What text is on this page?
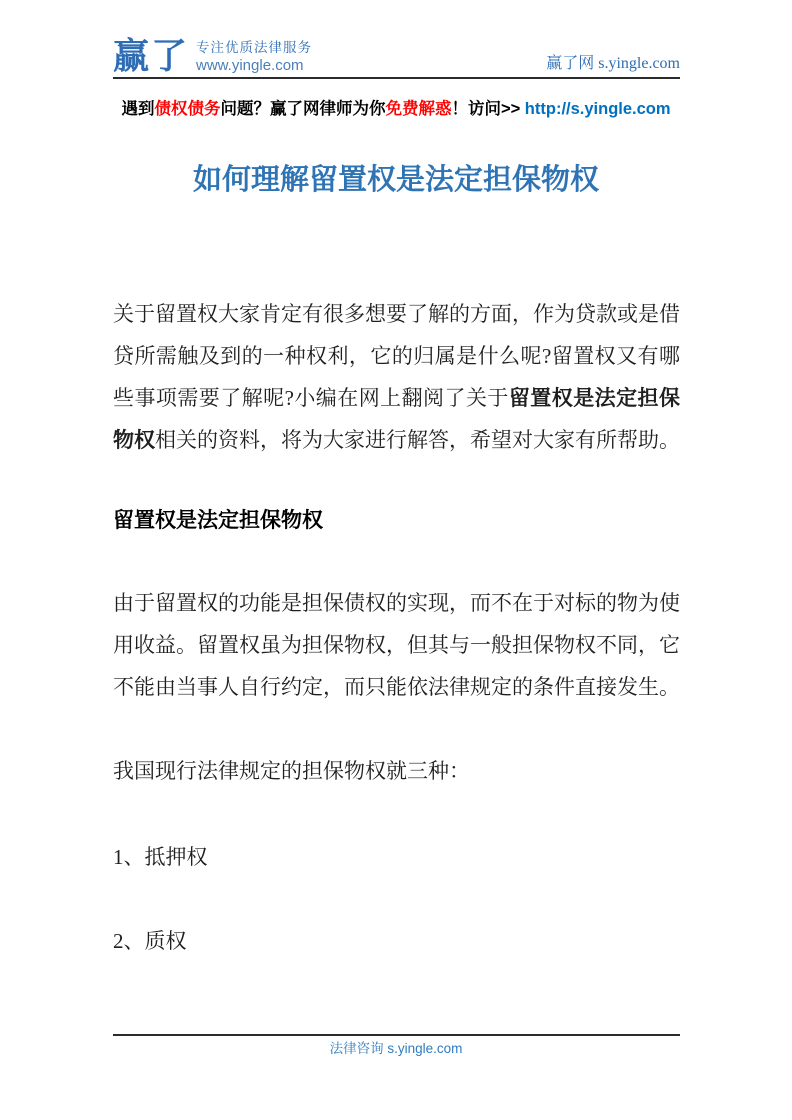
赢了 专注优质法律服务
www.yingle.com	赢了网 s.yingle.com

遇到债权债务问题？赢了网律师为你免费解惑！访问>> http://s.yingle.com

如何理解留置权是法定担保物权

关于留置权大家肯定有很多想要了解的方面，作为贷款或是借贷所需触及到的一种权利，它的归属是什么呢?留置权又有哪些事项需要了解呢?小编在网上翻阅了关于留置权是法定担保物权相关的资料，将为大家进行解答，希望对大家有所帮助。

留置权是法定担保物权

由于留置权的功能是担保债权的实现，而不在于对标的物为使用收益。留置权虽为担保物权，但其与一般担保物权不同，它不能由当事人自行约定，而只能依法律规定的条件直接发生。

我国现行法律规定的担保物权就三种：

1、抵押权

2、质权

法律咨询 s.yingle.com
